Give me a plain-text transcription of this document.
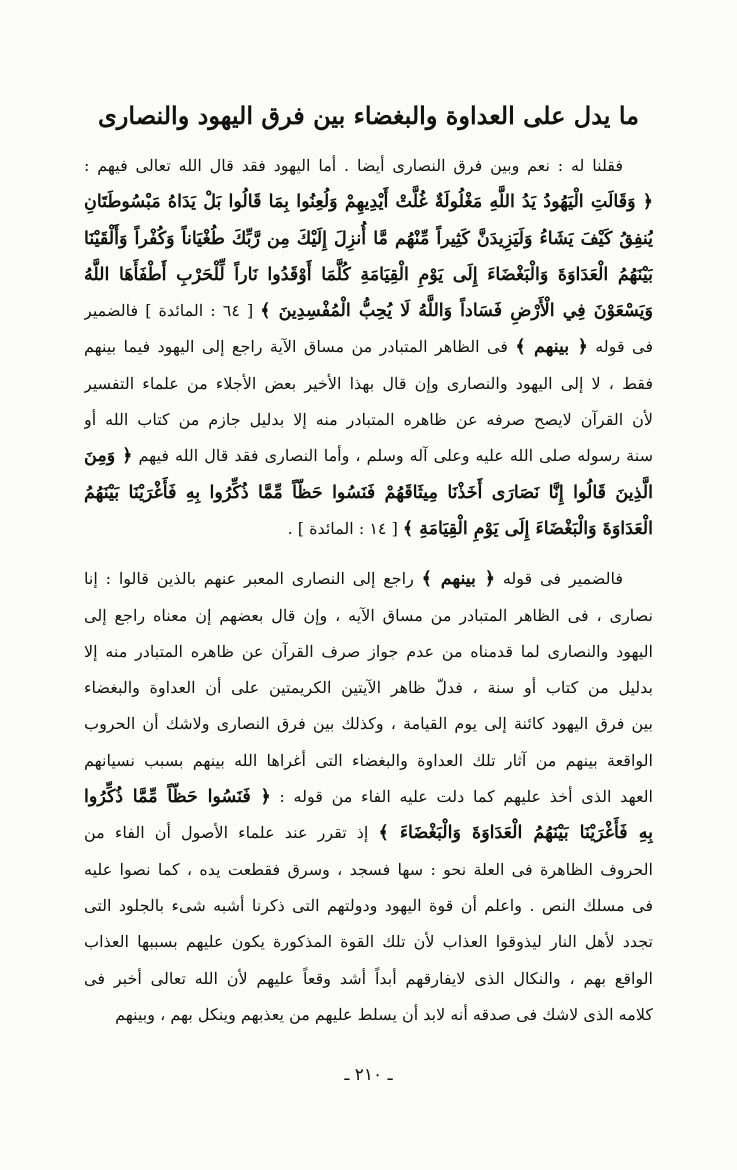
ما يدل على العداوة والبغضاء بين فرق اليهود والنصارى
فقلنا له : نعم وبين فرق النصارى أيضا . أما اليهود فقد قال الله تعالى فيهم :
﴿ وَقَالَتِ الْيَهُودُ يَدُ اللَّهِ مَغْلُولَةٌ غُلَّتْ أَيْدِيهِمْ وَلُعِنُوا بِمَا قَالُوا بَلْ يَدَاهُ مَبْسُوطَتَانِ
يُنفِقُ كَيْفَ يَشَاءُ وَلَيَزِيدَنَّ كَثِيراً مِّنْهُم مَّا أُنزِلَ إِلَيْكَ مِن رَّبِّكَ طُغْيَاناً وَكُفْراً وَأَلْقَيْنَا
بَيْنَهُمُ الْعَدَاوَةَ وَالْبَغْضَاءَ إِلَى يَوْمِ الْقِيَامَةِ كُلَّمَا أَوْقَدُوا نَاراً لِّلْحَرْبِ أَطْفَأَهَا اللَّهُ
وَيَسْعَوْنَ فِي الْأَرْضِ فَسَاداً وَاللَّهُ لَا يُحِبُّ الْمُفْسِدِينَ ﴾ [ ٦٤ : المائدة ] فالضمير
فى قوله ﴿ بينهم ﴾ فى الظاهر المتبادر من مساق الآية راجع إلى اليهود فيما بينهم
فقط ، لا إلى اليهود والنصارى وإن قال بهذا الأخير بعض الأجلاء من علماء التفسير
لأن القرآن لايصح صرفه عن ظاهره المتبادر منه إلا بدليل جازم من كتاب الله أو
سنة رسوله صلى الله عليه وعلى آله وسلم ، وأما النصارى فقد قال الله فيهم ﴿ وَمِنَ
الَّذِينَ قَالُوا إِنَّا نَصَارَى أَخَذْنَا مِيثَاقَهُمْ فَنَسُوا حَظّاً مِّمَّا ذُكِّرُوا بِهِ فَأَغْرَيْنَا بَيْنَهُمُ
الْعَدَاوَةَ وَالْبَغْضَاءَ إِلَى يَوْمِ الْقِيَامَةِ ﴾ [ ١٤ : المائدة ] .
فالضمير فى قوله ﴿ بينهم ﴾ راجع إلى النصارى المعبر عنهم بالذين قالوا : إنا
نصارى ، فى الظاهر المتبادر من مساق الآيه ، وإن قال بعضهم إن معناه راجع إلى
اليهود والنصارى لما قدمناه من عدم جواز صرف القرآن عن ظاهره المتبادر منه إلا
بدليل من كتاب أو سنة ، فدلّ ظاهر الآيتين الكريمتين على أن العداوة والبغضاء
بين فرق اليهود كائنة إلى يوم القيامة ، وكذلك بين فرق النصارى ولاشك أن الحروب
الواقعة بينهم من آثار تلك العداوة والبغضاء التى أغراها الله بينهم بسبب نسيانهم
العهد الذى أخذ عليهم كما دلت عليه الفاء من قوله : ﴿ فَنَسُوا حَظّاً مِّمَّا ذُكِّرُوا
بِهِ فَأَغْرَيْنَا بَيْنَهُمُ الْعَدَاوَةَ وَالْبَغْضَاءَ ﴾ إذ تقرر عند علماء الأصول أن الفاء من
الحروف الظاهرة فى العلة نحو : سها فسجد ، وسرق فقطعت يده ، كما نصوا عليه
فى مسلك النص . واعلم أن قوة اليهود ودولتهم التى ذكرنا أشبه شىء بالجلود التى
تجدد لأهل النار ليذوقوا العذاب لأن تلك القوة المذكورة يكون عليهم بسببها العذاب
الواقع بهم ، والنكال الذى لايفارقهم أبداً أشد وقعاً عليهم لأن الله تعالى أخبر فى
كلامه الذى لاشك فى صدقه أنه لابد أن يسلط عليهم من يعذبهم وينكل بهم ، وبينهم
ـ ٢١٠ ـ
